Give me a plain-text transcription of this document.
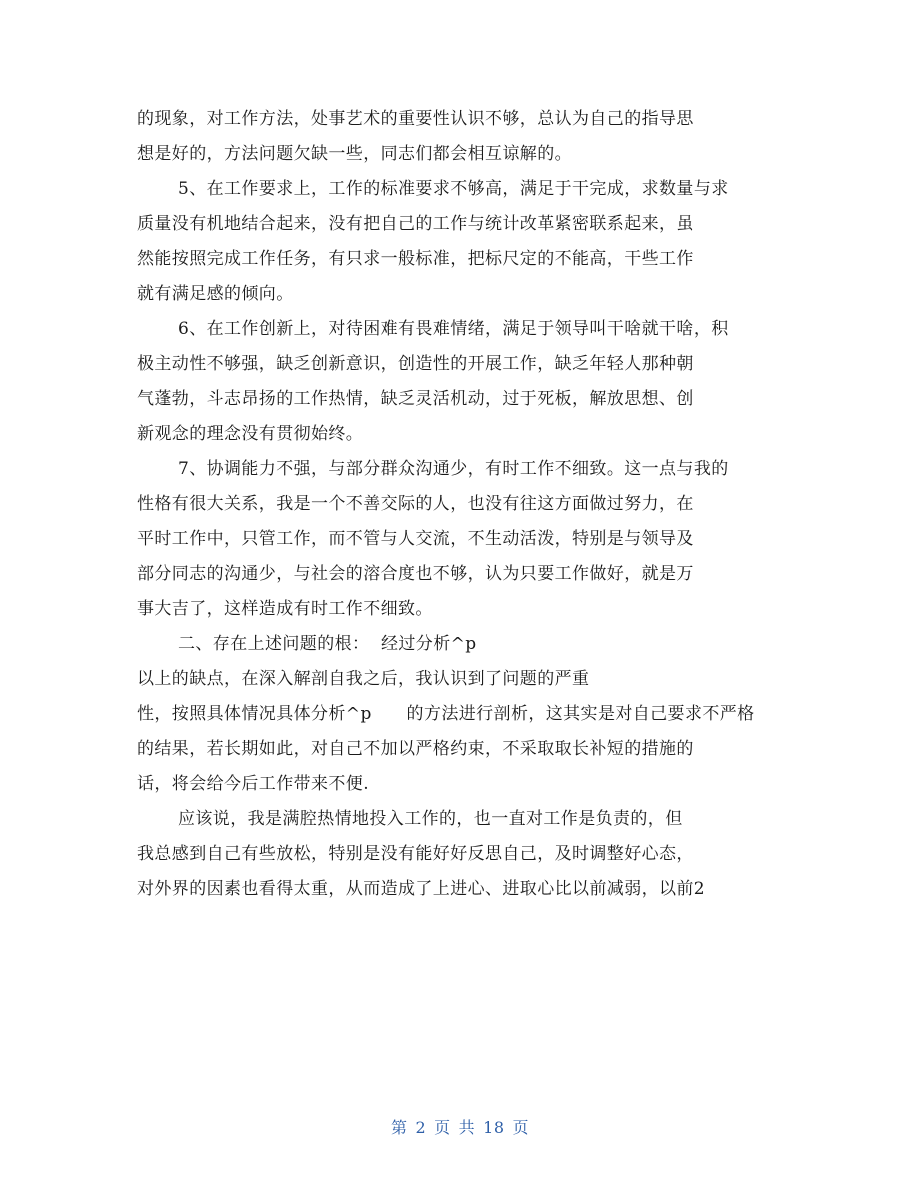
的现象，对工作方法，处事艺术的重要性认识不够，总认为自己的指导思
想是好的，方法问题欠缺一些，同志们都会相互谅解的。
5、在工作要求上，工作的标准要求不够高，满足于干完成，求数量与求
质量没有机地结合起来，没有把自己的工作与统计改革紧密联系起来，虽
然能按照完成工作任务，有只求一般标准，把标尺定的不能高，干些工作
就有满足感的倾向。
6、在工作创新上，对待困难有畏难情绪，满足于领导叫干啥就干啥，积
极主动性不够强，缺乏创新意识，创造性的开展工作，缺乏年轻人那种朝
气蓬勃，斗志昂扬的工作热情，缺乏灵活机动，过于死板，解放思想、创
新观念的理念没有贯彻始终。
7、协调能力不强，与部分群众沟通少，有时工作不细致。这一点与我的
性格有很大关系，我是一个不善交际的人，也没有往这方面做过努力，在
平时工作中，只管工作，而不管与人交流，不生动活泼，特别是与领导及
部分同志的沟通少，与社会的溶合度也不够，认为只要工作做好，就是万
事大吉了，这样造成有时工作不细致。
二、存在上述问题的根：  经过分析^p
以上的缺点，在深入解剖自我之后，我认识到了问题的严重
性，按照具体情况具体分析^p      的方法进行剖析，这其实是对自己要求不严格
的结果，若长期如此，对自己不加以严格约束，不采取取长补短的措施的
话，将会给今后工作带来不便.
应该说，我是满腔热情地投入工作的，也一直对工作是负责的，但
我总感到自己有些放松，特别是没有能好好反思自己，及时调整好心态，
对外界的因素也看得太重，从而造成了上进心、进取心比以前减弱，以前2
第 2 页 共 18 页
